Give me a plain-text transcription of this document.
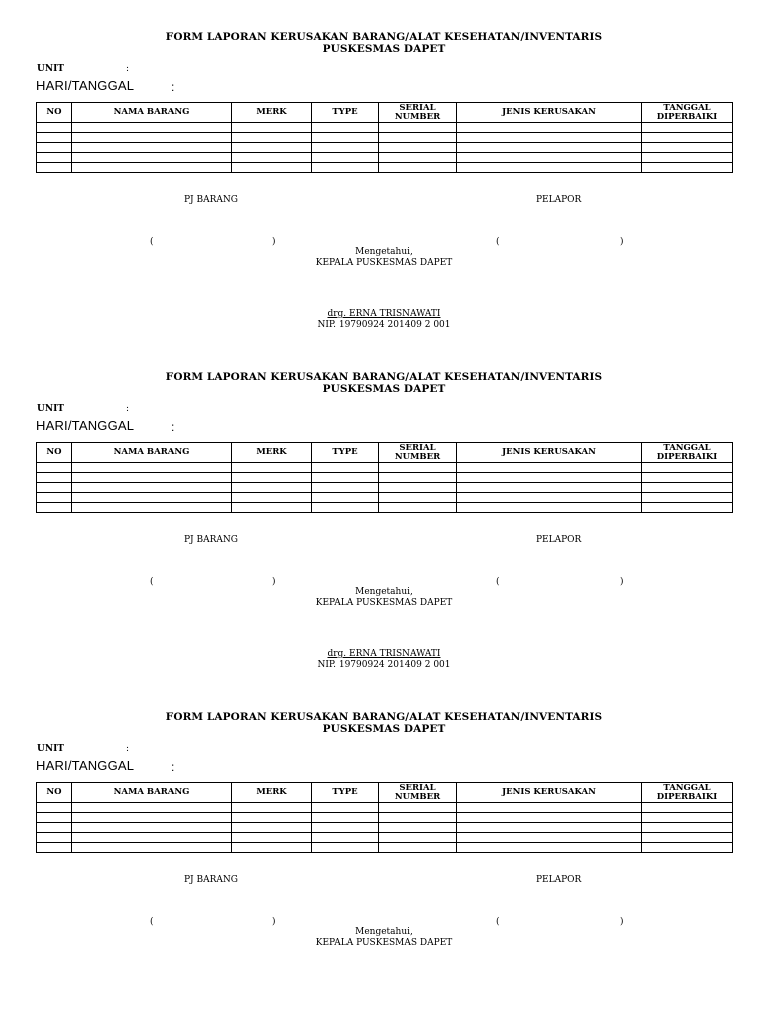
FORM LAPORAN KERUSAKAN BARANG/ALAT KESEHATAN/INVENTARIS
PUSKESMAS DAPET
UNIT	:
HARI/TANGGAL	:
NO	NAMA BARANG	MERK	TYPE	SERIAL NUMBER	JENIS KERUSAKAN	TANGGAL DIPERBAIKI

PJ BARANG	PELAPOR
(	)	(	)
Mengetahui,
KEPALA PUSKESMAS DAPET
drg. ERNA TRISNAWATI
NIP. 19790924 201409 2 001
FORM LAPORAN KERUSAKAN BARANG/ALAT KESEHATAN/INVENTARIS
PUSKESMAS DAPET
UNIT	:
HARI/TANGGAL	:
NO	NAMA BARANG	MERK	TYPE	SERIAL NUMBER	JENIS KERUSAKAN	TANGGAL DIPERBAIKI

PJ BARANG	PELAPOR
(	)	(	)
Mengetahui,
KEPALA PUSKESMAS DAPET
drg. ERNA TRISNAWATI
NIP. 19790924 201409 2 001
FORM LAPORAN KERUSAKAN BARANG/ALAT KESEHATAN/INVENTARIS
PUSKESMAS DAPET
UNIT	:
HARI/TANGGAL	:
NO	NAMA BARANG	MERK	TYPE	SERIAL NUMBER	JENIS KERUSAKAN	TANGGAL DIPERBAIKI

PJ BARANG	PELAPOR
(	)	(	)
Mengetahui,
KEPALA PUSKESMAS DAPET
